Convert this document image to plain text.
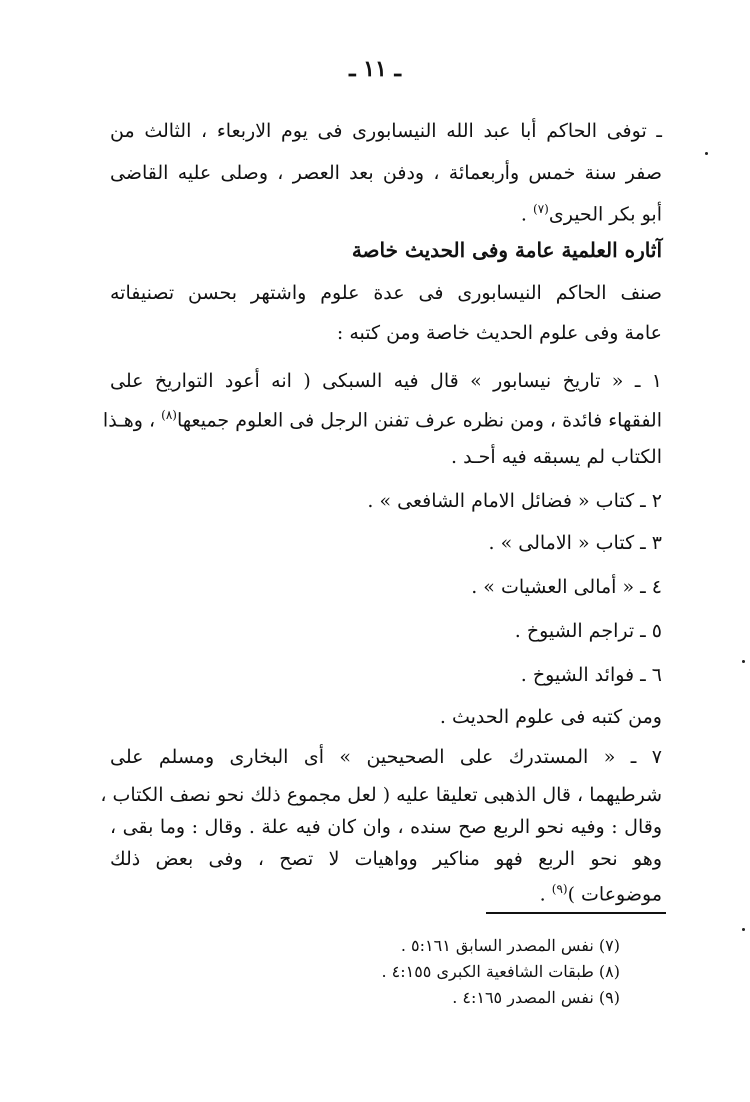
ـ ١١ ـ
ـ توفى الحاكم أبا عبد الله النيسابورى فى يوم الاربعاء ، الثالث من
صفر سنة خمس وأربعمائة ، ودفن بعد العصر ، وصلى عليه القاضى
أبو بكر الحيرى$^{(٧)}$ .
آثاره العلمية عامة وفى الحديث خاصة
صنف الحاكم النيسابورى فى عدة علوم واشتهر بحسن تصنيفاته
عامة وفى علوم الحديث خاصة ومن كتبه :
١ ـ « تاريخ نيسابور » قال فيه السبكى ( انه أعود التواريخ على
الفقهاء فائدة ، ومن نظره عرف تفنن الرجل فى العلوم جميعها$^{(٨)}$ ، وهـذا
الكتاب لم يسبقه فيه أحـد .
٢ ـ كتاب « فضائل الامام الشافعى » .
٣ ـ كتاب « الامالى » .
٤ ـ « أمالى العشيات » .
٥ ـ تراجم الشيوخ .
٦ ـ فوائد الشيوخ .
ومن كتبه فى علوم الحديث .
٧ ـ « المستدرك على الصحيحين » أى البخارى ومسلم على
شرطيهما ، قال الذهبى تعليقا عليه ( لعل مجموع ذلك نحو نصف الكتاب ،
وقال : وفيه نحو الربع صح سنده ، وان كان فيه علة . وقال : وما بقى ،
وهو نحو الربع فهو مناكير وواهيات لا تصح ، وفى بعض ذلك
موضوعات )$^{(٩)}$ .
(٧) نفس المصدر السابق ٥:١٦١ .
(٨) طبقات الشافعية الكبرى ٤:١٥٥ .
(٩) نفس المصدر ٤:١٦٥ .
